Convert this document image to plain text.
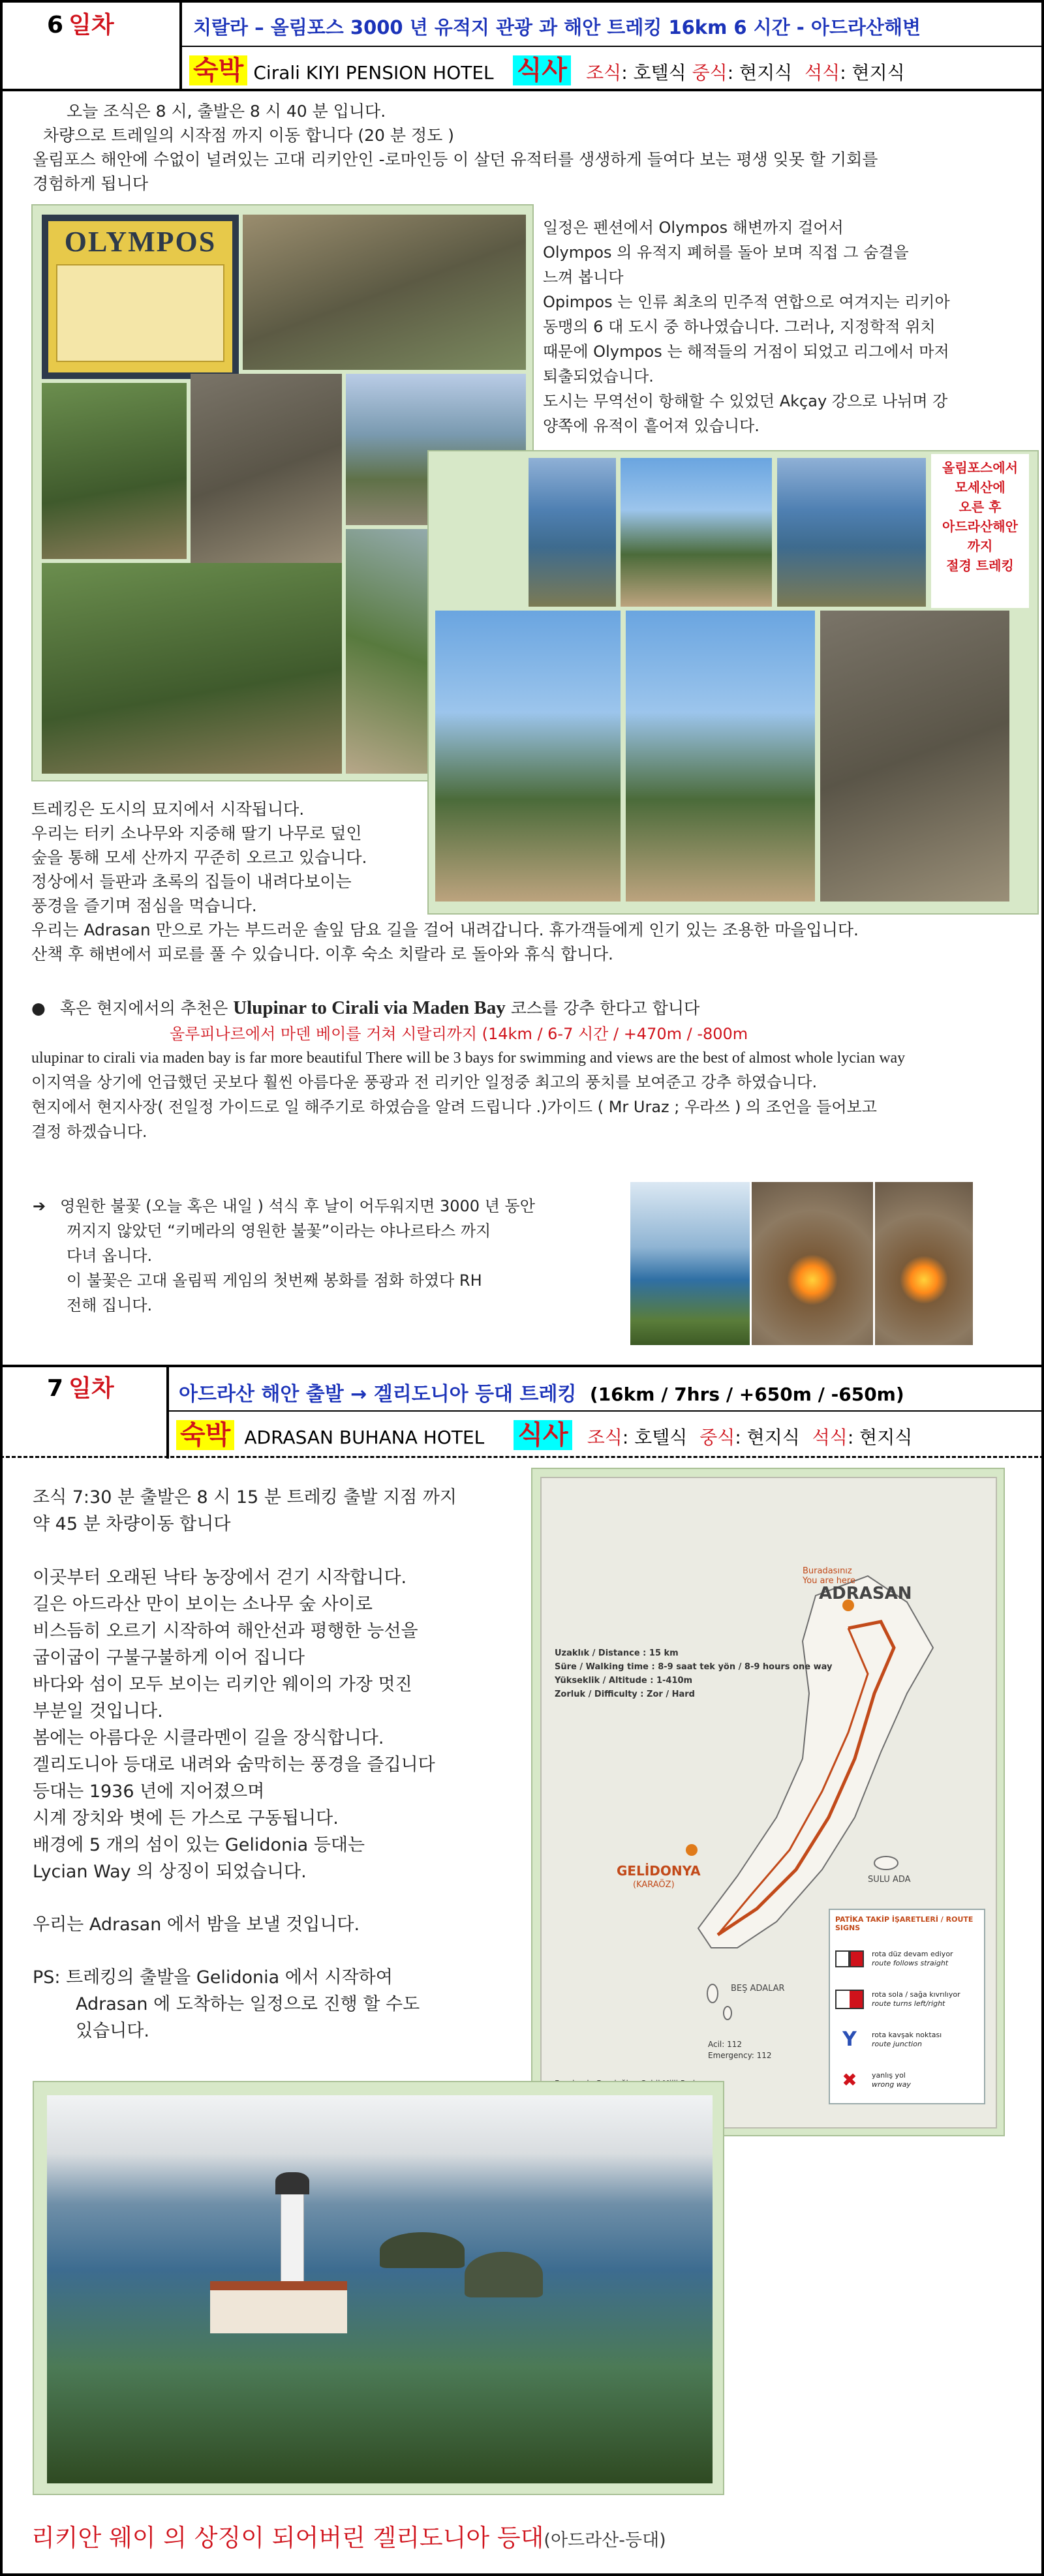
6 일차	치랄라 – 올림포스 3000 년 유적지 관광 과 해안 트레킹 16km 6 시간 - 아드라산해변
숙박 Cirali KIYI PENSION HOTEL 식사 조식: 호텔식 중식: 현지식 석식: 현지식
오늘 조식은 8 시, 출발은 8 시 40 분 입니다.
차량으로 트레일의 시작점 까지 이동 합니다 (20 분 정도 )
올림포스 해안에 수없이 널려있는 고대 리키안인 -로마인등 이 살던 유적터를 생생하게 들여다 보는 평생 잊못 할 기회를
경험하게 됩니다
OLYMPOS	일정은 펜션에서 Olympos 해변까지 걸어서
Olympos 의 유적지 폐허를 돌아 보며 직접 그 숨결을
느껴 봅니다
Opimpos 는 인류 최초의 민주적 연합으로 여겨지는 리키아
동맹의 6 대 도시 중 하나였습니다. 그러나, 지정학적 위치
때문에 Olympos 는 해적들의 거점이 되었고 리그에서 마저
퇴출되었습니다.
도시는 무역선이 항해할 수 있었던 Akçay 강으로 나뉘며 강
양쪽에 유적이 흩어져 있습니다.
올림포스에서
모세산에
오른 후
아드라산해안
까지
절경 트레킹
트레킹은 도시의 묘지에서 시작됩니다.
우리는 터키 소나무와 지중해 딸기 나무로 덮인
숲을 통해 모세 산까지 꾸준히 오르고 있습니다.
정상에서 들판과 초록의 집들이 내려다보이는
풍경을 즐기며 점심을 먹습니다.
우리는 Adrasan 만으로 가는 부드러운 솔잎 담요 길을 걸어 내려갑니다. 휴가객들에게 인기 있는 조용한 마을입니다.
산책 후 해변에서 피로를 풀 수 있습니다. 이후 숙소 치랄라 로 돌아와 휴식 합니다.
● 혹은 현지에서의 추천은 Ulupinar to Cirali via Maden Bay 코스를 강추 한다고 합니다
울루피나르에서 마덴 베이를 거쳐 시랄리까지 (14km / 6-7 시간 / +470m / -800m
ulupinar to cirali via maden bay is far more beautiful There will be 3 bays for swimming and views are the best of almost whole lycian way
이지역을 상기에 언급했던 곳보다 훨씬 아름다운 풍광과 전 리키안 일정중 최고의 풍치를 보여준고 강추 하였습니다.
현지에서 현지사장( 전일정 가이드로 일 해주기로 하였슴을 알려 드립니다 .)가이드 ( Mr Uraz ; 우라쓰 ) 의 조언을 들어보고
결정 하겠습니다.
➔ 영원한 불꽃 (오늘 혹은 내일 ) 석식 후 날이 어두워지면 3000 년 동안
꺼지지 않았던 “키메라의 영원한 불꽃”이라는 야나르타스 까지
다녀 옵니다.
이 불꽃은 고대 올림픽 게임의 첫번째 봉화를 점화 하였다 RH
전해 집니다.
7 일차	아드라산 해안 출발 → 겔리도니아 등대 트레킹 (16km / 7hrs / +650m / -650m)
숙박 ADRASAN BUHANA HOTEL 식사 조식: 호텔식 중식: 현지식 석식: 현지식
조식 7:30 분 출발은 8 시 15 분 트레킹 출발 지점 까지
약 45 분 차량이동 합니다
이곳부터 오래된 낙타 농장에서 걷기 시작합니다.
길은 아드라산 만이 보이는 소나무 숲 사이로
비스듬히 오르기 시작하여 해안선과 평행한 능선을
굽이굽이 구불구불하게 이어 집니다
바다와 섬이 모두 보이는 리키안 웨이의 가장 멋진
부분일 것입니다.
봄에는 아름다운 시클라멘이 길을 장식합니다.
겔리도니아 등대로 내려와 숨막히는 풍경을 즐깁니다
등대는 1936 년에 지어졌으며
시계 장치와 볏에 든 가스로 구동됩니다.
배경에 5 개의 섬이 있는 Gelidonia 등대는
Lycian Way 의 상징이 되었습니다.
우리는 Adrasan 에서 밤을 보낼 것입니다.
PS: 트레킹의 출발을 Gelidonia 에서 시작하여
Adrasan 에 도착하는 일정으로 진행 할 수도
있습니다.
Buradasınız
You are here
ADRASAN
GELİDONYA
(KARAÖZ)
SULU ADA
BEŞ ADALAR
Uzaklık / Distance : 15 km
Süre / Walking time : 8-9 saat tek yön / 8-9 hours one way
Yükseklik / Altitude : 1-410m
Zorluk / Difficulty : Zor / Hard
PATİKA TAKİP İŞARETLERİ / ROUTE SIGNS
rota düz devam ediyor
route follows straight
rota sola / sağa kıvrılıyor
route turns left/right
Y	rota kavşak noktası
route junction
✖	yanlış yol
wrong way
Acil: 112
Emergency: 112
리키안 웨이 의 상징이 되어버린 겔리도니아 등대(아드라산-등대)
